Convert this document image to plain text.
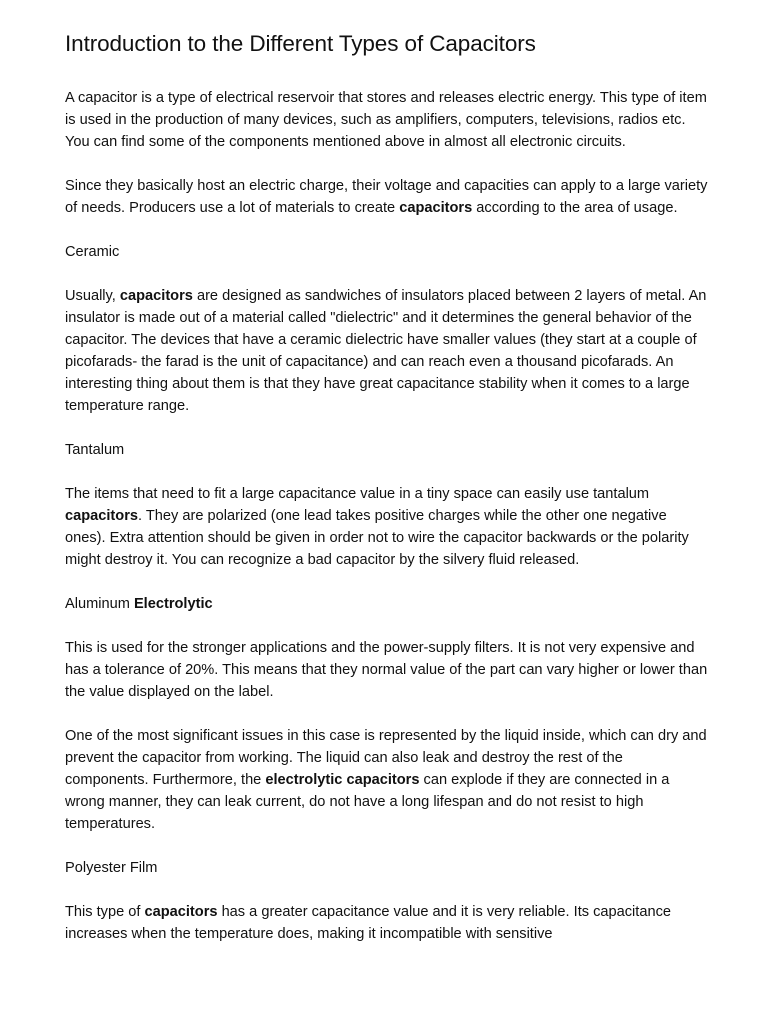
Introduction to the Different Types of Capacitors

A capacitor is a type of electrical reservoir that stores and releases electric energy. This type of item is used in the production of many devices, such as amplifiers, computers, televisions, radios etc. You can find some of the components mentioned above in almost all electronic circuits.

Since they basically host an electric charge, their voltage and capacities can apply to a large variety of needs. Producers use a lot of materials to create capacitors according to the area of usage.

Ceramic

Usually, capacitors are designed as sandwiches of insulators placed between 2 layers of metal. An insulator is made out of a material called "dielectric" and it determines the general behavior of the capacitor. The devices that have a ceramic dielectric have smaller values (they start at a couple of picofarads- the farad is the unit of capacitance) and can reach even a thousand picofarads. An interesting thing about them is that they have great capacitance stability when it comes to a large temperature range.

Tantalum

The items that need to fit a large capacitance value in a tiny space can easily use tantalum capacitors. They are polarized (one lead takes positive charges while the other one negative ones). Extra attention should be given in order not to wire the capacitor backwards or the polarity might destroy it. You can recognize a bad capacitor by the silvery fluid released.

Aluminum Electrolytic

This is used for the stronger applications and the power-supply filters. It is not very expensive and has a tolerance of 20%. This means that they normal value of the part can vary higher or lower than the value displayed on the label.

One of the most significant issues in this case is represented by the liquid inside, which can dry and prevent the capacitor from working. The liquid can also leak and destroy the rest of the components. Furthermore, the electrolytic capacitors can explode if they are connected in a wrong manner, they can leak current, do not have a long lifespan and do not resist to high temperatures.

Polyester Film

This type of capacitors has a greater capacitance value and it is very reliable. Its capacitance increases when the temperature does, making it incompatible with sensitive
